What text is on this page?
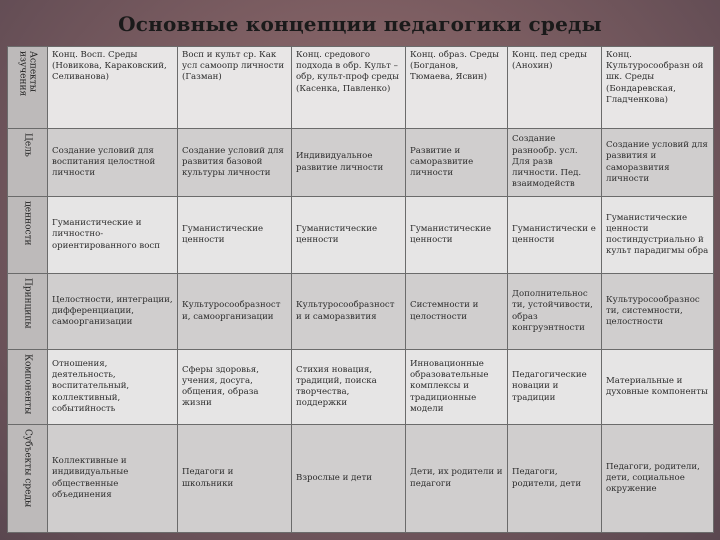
Основные концепции педагогики среды
Аспекты изучения	Конц. Восп. Среды (Новикова, Караковский, Селиванова)	Восп и культ ср. Как усл самоопр личности (Газман)	Конц. средового подхода в обр. Культ –обр, культ-проф среды (Касенка, Павленко)	Конц. образ. Среды (Богданов, Тюмаева, Ясвин)	Конц. пед среды (Анохин)	Конц. Культуросообразн ой шк. Среды (Бондаревская, Гладченкова)

Цель	Создание условий для воспитания целостной личности	Создание условий для развития базовой культуры личности	Индивидуальное развитие личности	Развитие и саморазвитие личности	Создание разнообр. усл. Для разв личности. Пед. взаимодейств	Создание условий для развития и саморазвития личности

ценности	Гуманистические и личностно-ориентированного восп	Гуманистические ценности	Гуманистические ценности	Гуманистические ценности	Гуманистически е ценности	Гуманистические ценности постиндустриально й культ парадигмы обра

Принципы	Целостности, интеграции, дифференциации, самоорганизации	Культуросообразност и, самоорганизации	Культуросообразност и и саморазвития	Системности и целостности	Дополнительнос ти, устойчивости, образ конгруэнтности	Культуросообразнос ти, системности, целостности

Компоненты	Отношения, деятельность, воспитательный, коллективный, событийность	Сферы здоровья, учения, досуга, общения, образа жизни	Стихия новация, традиций, поиска творчества, поддержки	Инновационные образовательные комплексы и традиционные модели	Педагогические новации и традиции	Материальные и духовные компоненты

Субъекты среды	Коллективные и индивидуальные общественные объединения	Педагоги и школьники	Взрослые и дети	Дети, их родители и педагоги	Педагоги, родители, дети	Педагоги, родители, дети, социальное окружение
